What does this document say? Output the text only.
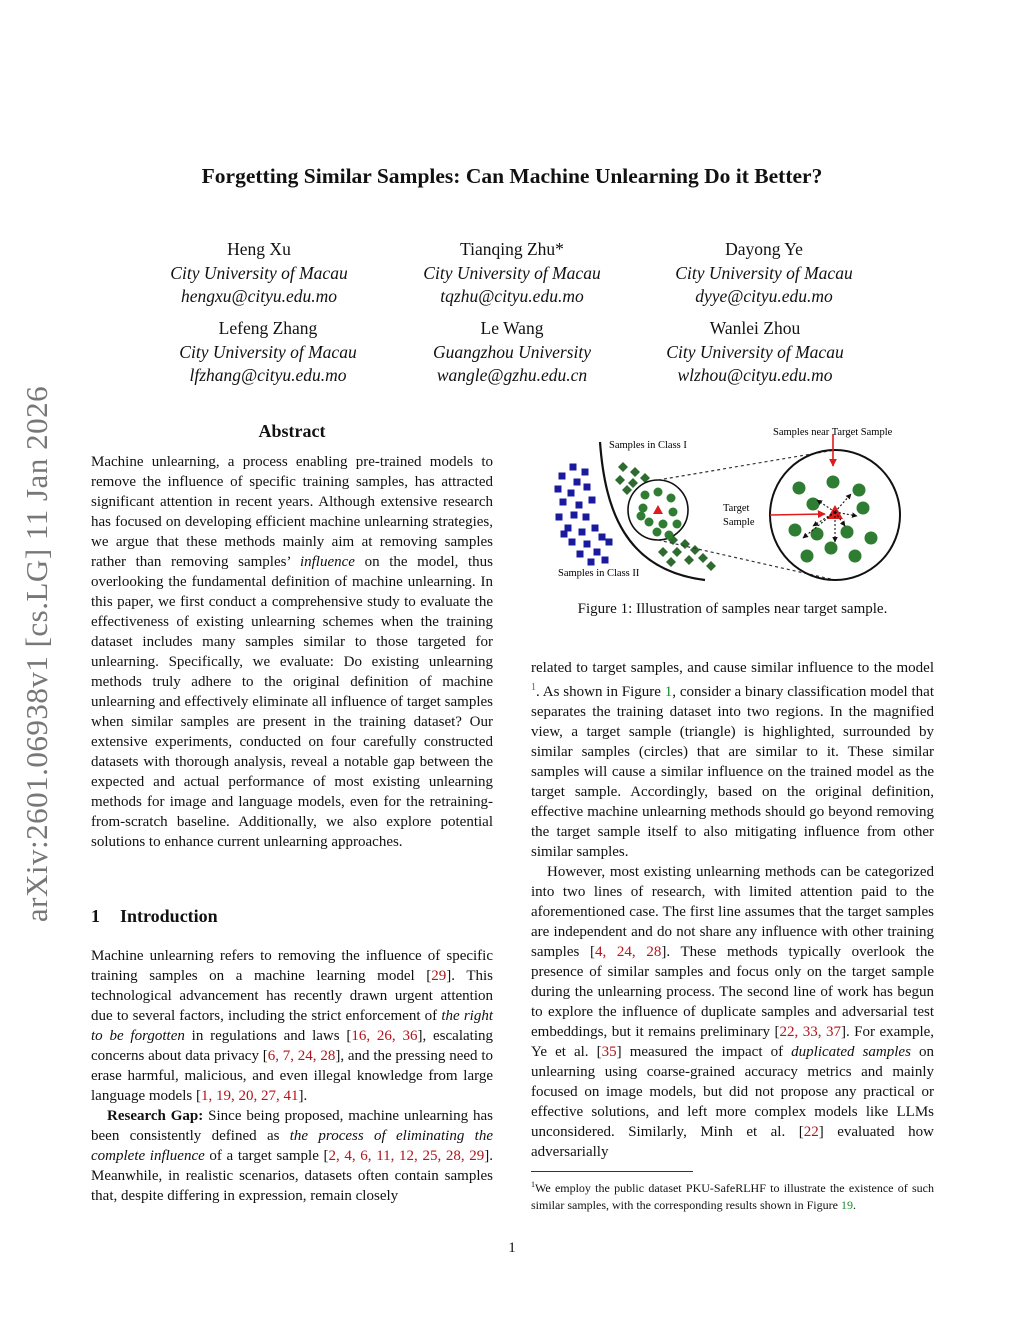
arXiv:2601.06938v1 [cs.LG] 11 Jan 2026
Forgetting Similar Samples: Can Machine Unlearning Do it Better?
Heng Xu
City University of Macau
hengxu@cityu.edu.mo
Tianqing Zhu*
City University of Macau
tqzhu@cityu.edu.mo
Dayong Ye
City University of Macau
dyye@cityu.edu.mo
Lefeng Zhang
City University of Macau
lfzhang@cityu.edu.mo
Le Wang
Guangzhou University
wangle@gzhu.edu.cn
Wanlei Zhou
City University of Macau
wlzhou@cityu.edu.mo
Abstract

Machine unlearning, a process enabling pre-trained models to remove the influence of specific training samples, has attracted significant attention in recent years. Although extensive research has focused on developing efficient machine unlearning strategies, we argue that these methods mainly aim at removing samples rather than removing samples’ influence on the model, thus overlooking the fundamental definition of machine unlearning. In this paper, we first conduct a comprehensive study to evaluate the effectiveness of existing unlearning schemes when the training dataset includes many samples similar to those targeted for unlearning. Specifically, we evaluate: Do existing unlearning methods truly adhere to the original definition of machine unlearning and effectively eliminate all influence of target samples when similar samples are present in the training dataset? Our extensive experiments, conducted on four carefully constructed datasets with thorough analysis, reveal a notable gap between the expected and actual performance of most existing unlearning methods for image and language models, even for the retraining-from-scratch baseline. Additionally, we also explore potential solutions to enhance current unlearning approaches.

1 Introduction

Machine unlearning refers to removing the influence of specific training samples on a machine learning model [29]. This technological advancement has recently drawn urgent attention due to several factors, including the strict enforcement of the right to be forgotten in regulations and laws [16, 26, 36], escalating concerns about data privacy [6, 7, 24, 28], and the pressing need to erase harmful, malicious, and even illegal knowledge from large language models [1, 19, 20, 27, 41].

Research Gap: Since being proposed, machine unlearning has been consistently defined as the process of eliminating the complete influence of a target sample [2, 4, 6, 11, 12, 25, 28, 29]. Meanwhile, in realistic scenarios, datasets often contain samples that, despite differing in expression, remain closely

Samples in Class I
Samples in Class II
Samples near Target Sample
Target
Sample
Figure 1: Illustration of samples near target sample.

related to target samples, and cause similar influence to the model $^1$. As shown in Figure 1, consider a binary classification model that separates the training dataset into two regions. In the magnified view, a target sample (triangle) is highlighted, surrounded by similar samples (circles) that are similar to it. These similar samples will cause a similar influence on the trained model as the target sample. Accordingly, based on the original definition, effective machine unlearning methods should go beyond removing the target sample itself to also mitigating influence from other similar samples.

However, most existing unlearning methods can be categorized into two lines of research, with limited attention paid to the aforementioned case. The first line assumes that the target samples are independent and do not share any influence with other training samples [4, 24, 28]. These methods typically overlook the presence of similar samples and focus only on the target sample during the unlearning process. The second line of work has begun to explore the influence of duplicate samples and adversarial test embeddings, but it remains preliminary [22, 33, 37]. For example, Ye et al. [35] measured the impact of duplicated samples on unlearning using coarse-grained accuracy metrics and mainly focused on image models, but did not propose any practical or effective solutions, and left more complex models like LLMs unconsidered. Similarly, Minh et al. [22] evaluated how adversarially

$^1$We employ the public dataset PKU-SafeRLHF to illustrate the existence of such similar samples, with the corresponding results shown in Figure 19.
1
